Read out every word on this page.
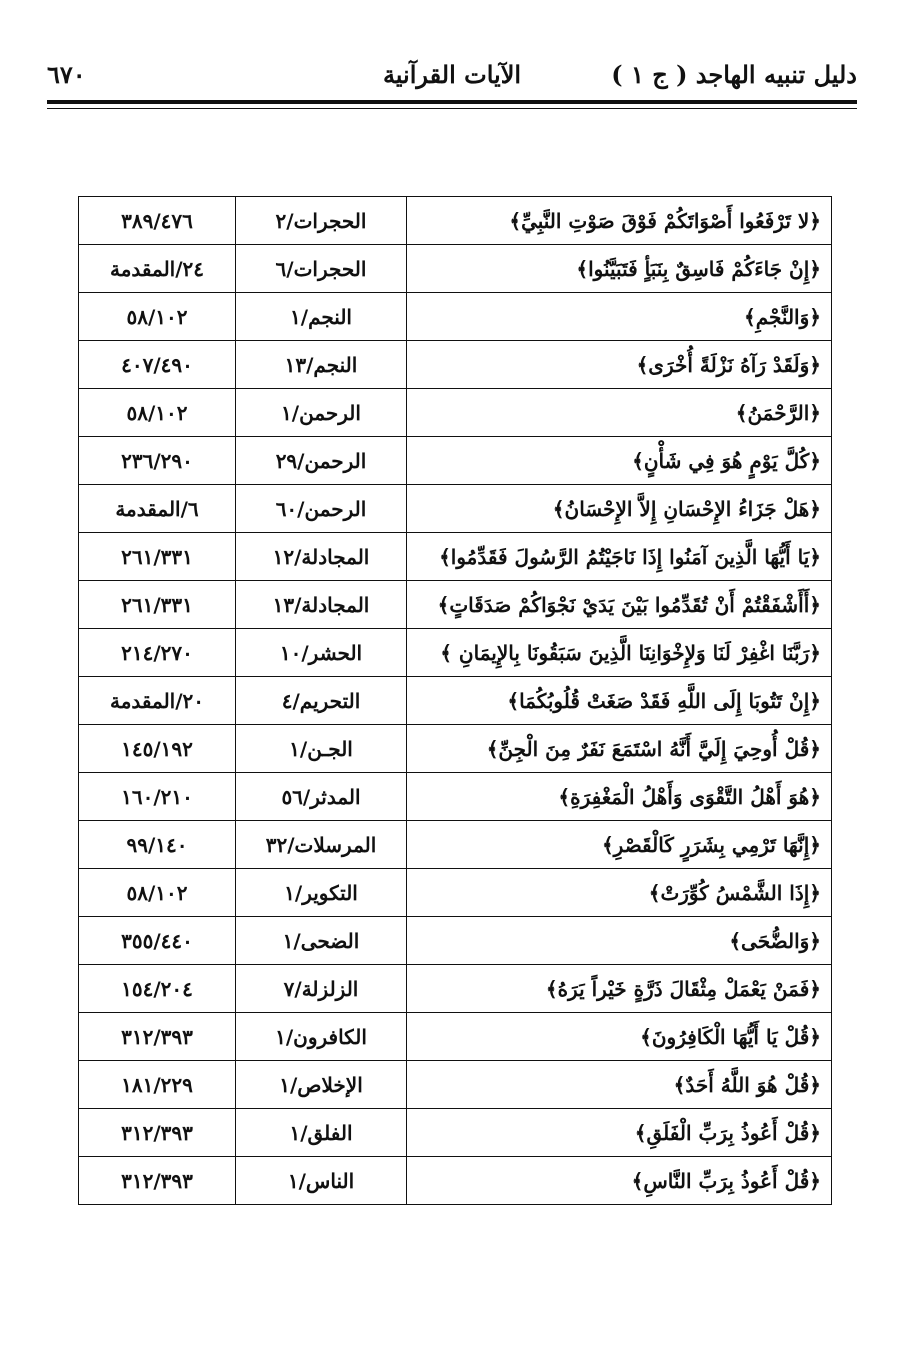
دليل تنبيه الهاجد ( ج ١ )
الآيات القرآنية
٦٧٠
﴿لا تَرْفَعُوا أَصْوَاتَكُمْ فَوْقَ صَوْتِ النَّبِيِّ﴾	الحجرات/٢	٣٨٩/٤٧٦
﴿إِنْ جَاءَكُمْ فَاسِقٌ بِنَبَأٍ فَتَبَيَّنُوا﴾	الحجرات/٦	٢٤/المقدمة
﴿وَالنَّجْمِ﴾	النجم/١	٥٨/١٠٢
﴿وَلَقَدْ رَآهُ نَزْلَةً أُخْرَى﴾	النجم/١٣	٤٠٧/٤٩٠
﴿الرَّحْمَنُ﴾	الرحمن/١	٥٨/١٠٢
﴿كُلَّ يَوْمٍ هُوَ فِي شَأْنٍ﴾	الرحمن/٢٩	٢٣٦/٢٩٠
﴿هَلْ جَزَاءُ الإِحْسَانِ إِلاَّ الإِحْسَانُ﴾	الرحمن/٦٠	٦/المقدمة
﴿يَا أَيُّهَا الَّذِينَ آمَنُوا إِذَا نَاجَيْتُمُ الرَّسُولَ فَقَدِّمُوا﴾	المجادلة/١٢	٢٦١/٣٣١
﴿أَأَشْفَقْتُمْ أَنْ تُقَدِّمُوا بَيْنَ يَدَيْ نَجْوَاكُمْ صَدَقَاتٍ﴾	المجادلة/١٣	٢٦١/٣٣١
﴿رَبَّنَا اغْفِرْ لَنَا وَلإِخْوَانِنَا الَّذِينَ سَبَقُونَا بِالإِيمَانِ ﴾	الحشر/١٠	٢١٤/٢٧٠
﴿إِنْ تَتُوبَا إِلَى اللَّهِ فَقَدْ صَغَتْ قُلُوبُكُمَا﴾	التحريم/٤	٢٠/المقدمة
﴿قُلْ أُوحِيَ إِلَيَّ أَنَّهُ اسْتَمَعَ نَفَرٌ مِنَ الْجِنِّ﴾	الجـن/١	١٤٥/١٩٢
﴿هُوَ أَهْلُ التَّقْوَى وَأَهْلُ الْمَغْفِرَةِ﴾	المدثر/٥٦	١٦٠/٢١٠
﴿إِنَّهَا تَرْمِي بِشَرَرٍ كَالْقَصْرِ﴾	المرسلات/٣٢	٩٩/١٤٠
﴿إِذَا الشَّمْسُ كُوِّرَتْ﴾	التكوير/١	٥٨/١٠٢
﴿وَالضُّحَى﴾	الضحى/١	٣٥٥/٤٤٠
﴿فَمَنْ يَعْمَلْ مِثْقَالَ ذَرَّةٍ خَيْراً يَرَهُ﴾	الزلزلة/٧	١٥٤/٢٠٤
﴿قُلْ يَا أَيُّهَا الْكَافِرُونَ﴾	الكافرون/١	٣١٢/٣٩٣
﴿قُلْ هُوَ اللَّهُ أَحَدٌ﴾	الإخلاص/١	١٨١/٢٢٩
﴿قُلْ أَعُوذُ بِرَبِّ الْفَلَقِ﴾	الفلق/١	٣١٢/٣٩٣
﴿قُلْ أَعُوذُ بِرَبِّ النَّاسِ﴾	الناس/١	٣١٢/٣٩٣
